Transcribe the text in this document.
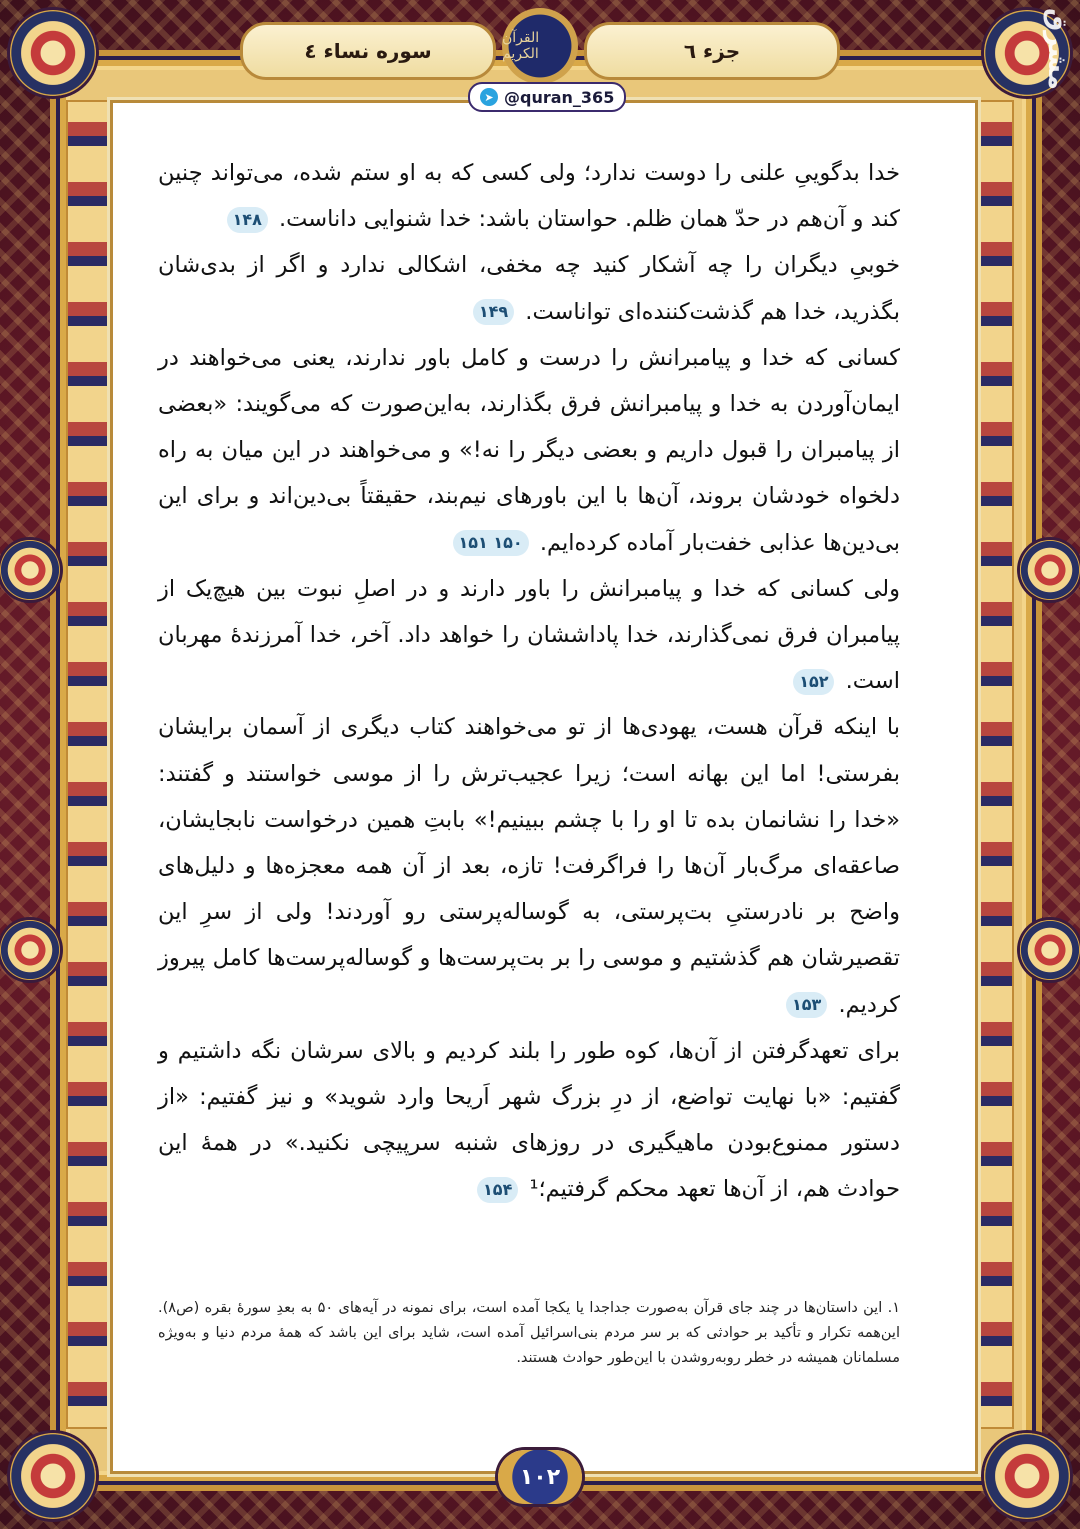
مشرق
سوره نساء ٤
القرآن الکریم	جزء ٦
➤ @quran_365

خدا بدگوییِ علنی را دوست ندارد؛ ولی کسی که به او ستم شده، می‌تواند چنین کند و آن‌هم در حدّ همان ظلم. حواستان باشد: خدا شنوایی داناست. ۱۴۸

خوبیِ دیگران را چه آشکار کنید چه مخفی، اشکالی ندارد و اگر از بدی‌شان بگذرید، خدا هم گذشت‌کننده‌ای تواناست. ۱۴۹

کسانی که خدا و پیامبرانش را درست و کامل باور ندارند، یعنی می‌خواهند در ایمان‌آوردن به خدا و پیامبرانش فرق بگذارند، به‌این‌صورت که می‌گویند: «بعضی از پیامبران را قبول داریم و بعضی دیگر را نه!» و می‌خواهند در این میان به راه دلخواه خودشان بروند، آن‌ها با این باورهای نیم‌بند، حقیقتاً بی‌دین‌اند و برای این بی‌دین‌ها عذابی خفت‌بار آماده کرده‌ایم. ۱۵۰ ۱۵۱

ولی کسانی که خدا و پیامبرانش را باور دارند و در اصلِ نبوت بین هیچ‌یک از پیامبران فرق نمی‌گذارند، خدا پاداششان را خواهد داد. آخر، خدا آمرزندهٔ مهربان است. ۱۵۲

با اینکه قرآن هست، یهودی‌ها از تو می‌خواهند کتاب دیگری از آسمان برایشان بفرستی! اما این بهانه است؛ زیرا عجیب‌ترش را از موسی خواستند و گفتند: «خدا را نشانمان بده تا او را با چشم ببینیم!» بابتِ همین درخواست نابجایشان، صاعقه‌ای مرگ‌بار آن‌ها را فراگرفت! تازه، بعد از آن همه معجزه‌ها و دلیل‌های واضح بر نادرستیِ بت‌پرستی، به گوساله‌پرستی رو آوردند! ولی از سرِ این تقصیرشان هم گذشتیم و موسی را بر بت‌پرست‌ها و گوساله‌پرست‌ها کامل پیروز کردیم. ۱۵۳

برای تعهدگرفتن از آن‌ها، کوه طور را بلند کردیم و بالای سرشان نگه داشتیم و گفتیم: «با نهایت تواضع، از درِ بزرگ شهر اَریحا وارد شوید» و نیز گفتیم: «از دستور ممنوع‌بودن ماهیگیری در روزهای شنبه سرپیچی نکنید.» در همهٔ این حوادث هم، از آن‌ها تعهد محکم گرفتیم؛¹ ۱۵۴

١. این داستان‌ها در چند جای قرآن به‌صورت جداجدا یا یکجا آمده است، برای نمونه در آیه‌های ۵۰ به بعدِ سورهٔ بقره (ص٨). این‌همه تکرار و تأکید بر حوادثی که بر سر مردم بنی‌اسرائیل آمده است، شاید برای این باشد که همهٔ مردم دنیا و به‌ویژه مسلمانان همیشه در خطر روبه‌روشدن با این‌طور حوادث هستند.
١٠٢
